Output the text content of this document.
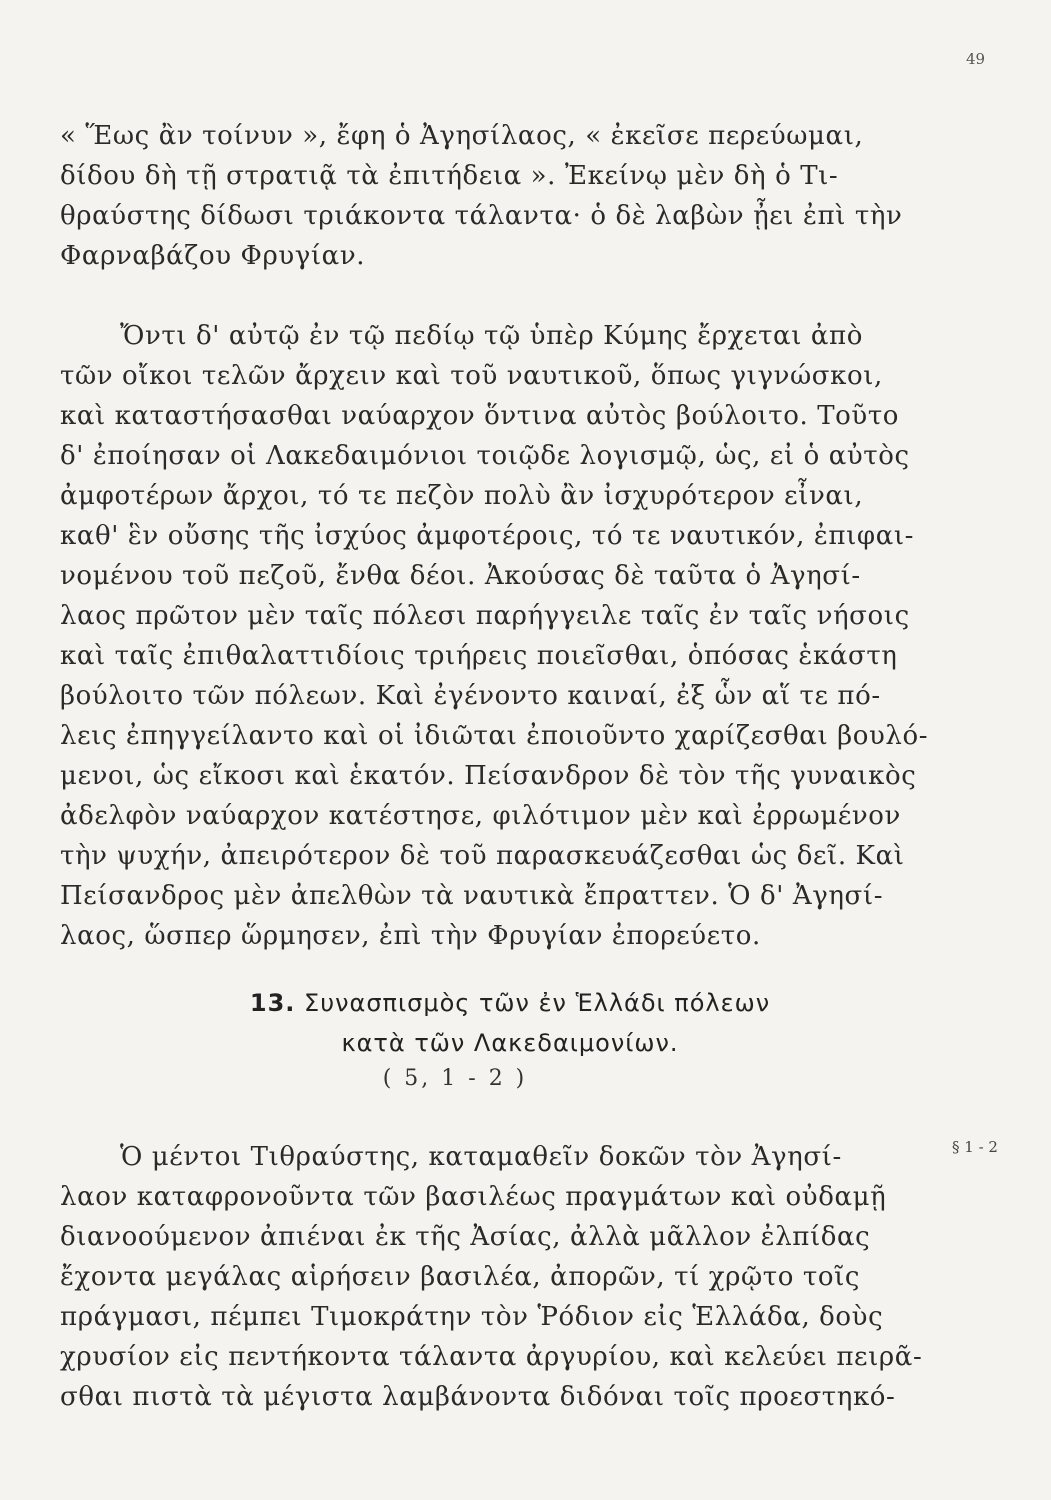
49
« Ἕως ἂν τοίνυν », ἔφη ὁ Ἀγησίλαος, « ἐκεῖσε περεύωμαι,
δίδου δὴ τῇ στρατιᾷ τὰ ἐπιτήδεια ». Ἐκείνῳ μὲν δὴ ὁ Τι-
θραύστης δίδωσι τριάκοντα τάλαντα· ὁ δὲ λαβὼν ᾖει ἐπὶ τὴν
Φαρναβάζου Φρυγίαν.
Ὄντι δ' αὐτῷ ἐν τῷ πεδίῳ τῷ ὑπὲρ Κύμης ἔρχεται ἀπὸ
τῶν οἴκοι τελῶν ἄρχειν καὶ τοῦ ναυτικοῦ, ὅπως γιγνώσκοι,
καὶ καταστήσασθαι ναύαρχον ὅντινα αὐτὸς βούλοιτο. Τοῦτο
δ' ἐποίησαν οἱ Λακεδαιμόνιοι τοιῷδε λογισμῷ, ὡς, εἰ ὁ αὐτὸς
ἀμφοτέρων ἄρχοι, τό τε πεζὸν πολὺ ἂν ἰσχυρότερον εἶναι,
καθ' ἓν οὔσης τῆς ἰσχύος ἀμφοτέροις, τό τε ναυτικόν, ἐπιφαι-
νομένου τοῦ πεζοῦ, ἔνθα δέοι. Ἀκούσας δὲ ταῦτα ὁ Ἀγησί-
λαος πρῶτον μὲν ταῖς πόλεσι παρήγγειλε ταῖς ἐν ταῖς νήσοις
καὶ ταῖς ἐπιθαλαττιδίοις τριήρεις ποιεῖσθαι, ὁπόσας ἑκάστη
βούλοιτο τῶν πόλεων. Καὶ ἐγένοντο καιναί, ἐξ ὧν αἵ τε πό-
λεις ἐπηγγείλαντο καὶ οἱ ἰδιῶται ἐποιοῦντο χαρίζεσθαι βουλό-
μενοι, ὡς εἴκοσι καὶ ἑκατόν. Πείσανδρον δὲ τὸν τῆς γυναικὸς
ἀδελφὸν ναύαρχον κατέστησε, φιλότιμον μὲν καὶ ἐρρωμένον
τὴν ψυχήν, ἀπειρότερον δὲ τοῦ παρασκευάζεσθαι ὡς δεῖ. Καὶ
Πείσανδρος μὲν ἀπελθὼν τὰ ναυτικὰ ἔπραττεν. Ὁ δ' Ἀγησί-
λαος, ὥσπερ ὥρμησεν, ἐπὶ τὴν Φρυγίαν ἐπορεύετο.
13. Συνασπισμὸς τῶν ἐν Ἑλλάδι πόλεων
κατὰ τῶν Λακεδαιμονίων.
( 5, 1 - 2 )
§ 1 - 2
Ὁ μέντοι Τιθραύστης, καταμαθεῖν δοκῶν τὸν Ἀγησί-
λαον καταφρονοῦντα τῶν βασιλέως πραγμάτων καὶ οὐδαμῇ
διανοούμενον ἀπιέναι ἐκ τῆς Ἀσίας, ἀλλὰ μᾶλλον ἐλπίδας
ἔχοντα μεγάλας αἱρήσειν βασιλέα, ἀπορῶν, τί χρῷτο τοῖς
πράγμασι, πέμπει Τιμοκράτην τὸν Ῥόδιον εἰς Ἑλλάδα, δοὺς
χρυσίον εἰς πεντήκοντα τάλαντα ἀργυρίου, καὶ κελεύει πειρᾶ-
σθαι πιστὰ τὰ μέγιστα λαμβάνοντα διδόναι τοῖς προεστηκό-
